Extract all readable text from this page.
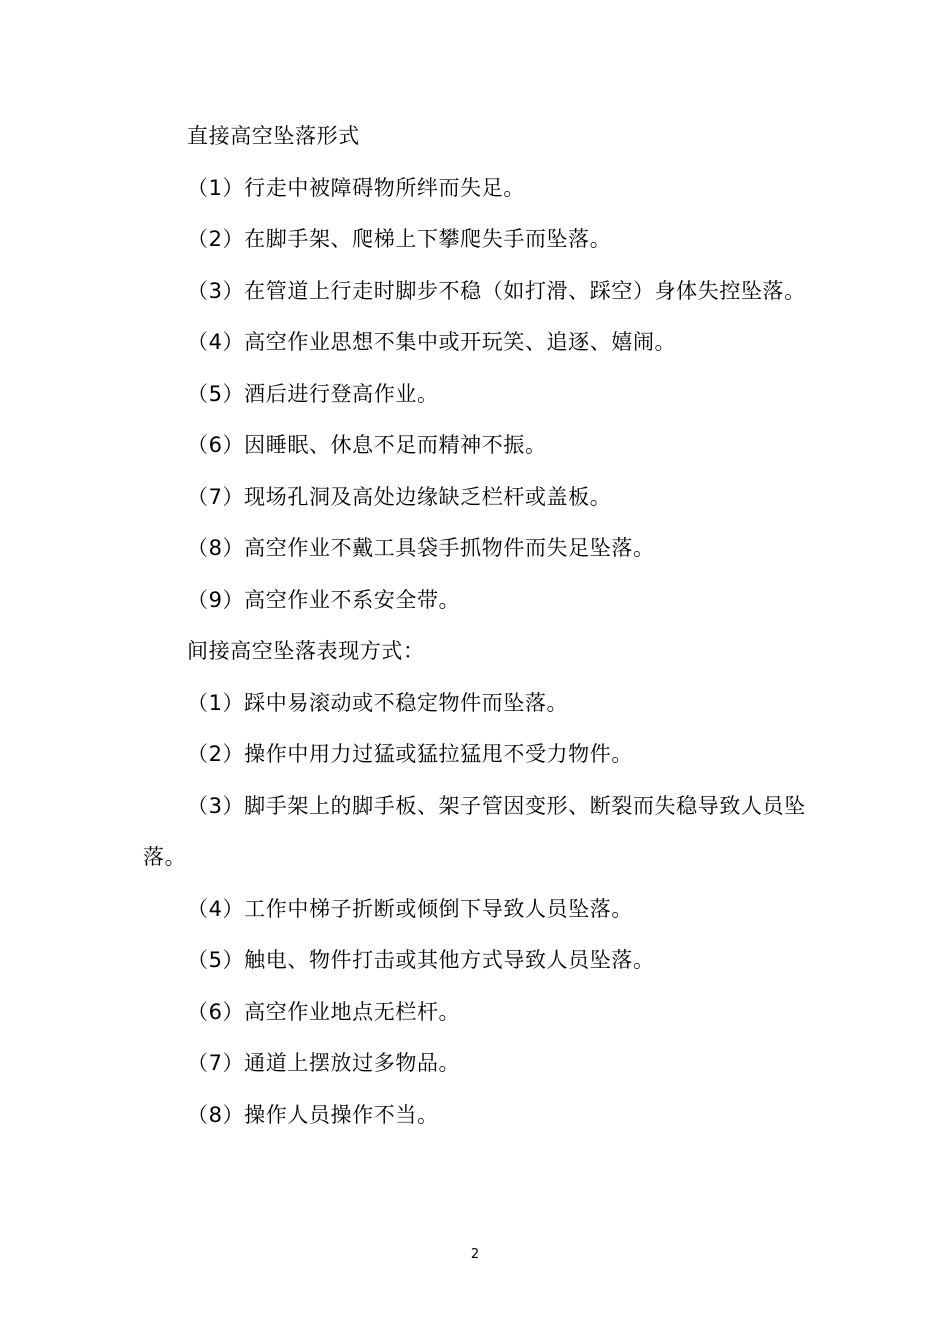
直接高空坠落形式

（1）行走中被障碍物所绊而失足。

（2）在脚手架、爬梯上下攀爬失手而坠落。

（3）在管道上行走时脚步不稳（如打滑、踩空）身体失控坠落。

（4）高空作业思想不集中或开玩笑、追逐、嬉闹。

（5）酒后进行登高作业。

（6）因睡眠、休息不足而精神不振。

（7）现场孔洞及高处边缘缺乏栏杆或盖板。

（8）高空作业不戴工具袋手抓物件而失足坠落。

（9）高空作业不系安全带。

间接高空坠落表现方式：

（1）踩中易滚动或不稳定物件而坠落。

（2）操作中用力过猛或猛拉猛甩不受力物件。

（3）脚手架上的脚手板、架子管因变形、断裂而失稳导致人员坠落。

（4）工作中梯子折断或倾倒下导致人员坠落。

（5）触电、物件打击或其他方式导致人员坠落。

（6）高空作业地点无栏杆。

（7）通道上摆放过多物品。

（8）操作人员操作不当。

2
